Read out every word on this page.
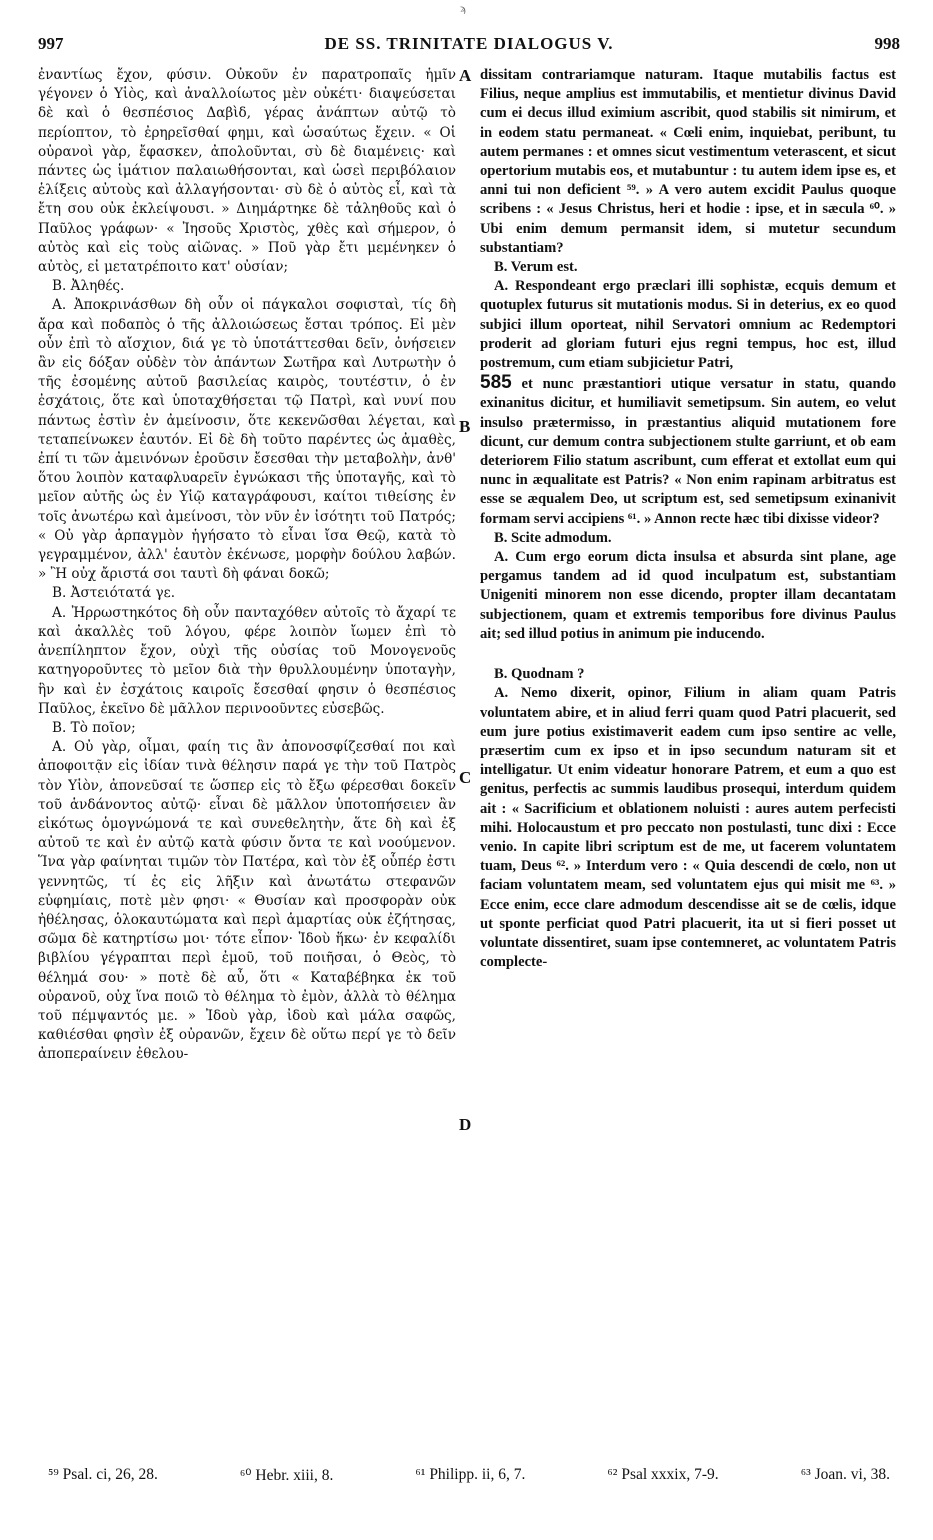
ϡ
997	DE SS. TRINITATE DIALOGUS V.	998

ἐναντίως ἔχον, φύσιν. Οὐκοῦν ἐν παρατροπαῖς ἡμῖν γέγονεν ὁ Υἱὸς, καὶ ἀναλλοίωτος μὲν οὐκέτι· διαψεύσεται δὲ καὶ ὁ θεσπέσιος Δαβὶδ, γέρας ἀνάπτων αὐτῷ τὸ περίοπτον, τὸ ἐρηρεῖσθαί φημι, καὶ ὡσαύτως ἔχειν. « Οἱ οὐρανοὶ γὰρ, ἔφασκεν, ἀπολοῦνται, σὺ δὲ διαμένεις· καὶ πάντες ὡς ἱμάτιον παλαιωθήσονται, καὶ ὡσεὶ περιβόλαιον ἑλίξεις αὐτοὺς καὶ ἀλλαγήσονται· σὺ δὲ ὁ αὐτὸς εἶ, καὶ τὰ ἔτη σου οὐκ ἐκλείψουσι. » Διημάρτηκε δὲ τἀληθοῦς καὶ ὁ Παῦλος γράφων· « Ἰησοῦς Χριστὸς, χθὲς καὶ σήμερον, ὁ αὐτὸς καὶ εἰς τοὺς αἰῶνας. » Ποῦ γὰρ ἔτι μεμένηκεν ὁ αὐτὸς, εἰ μετατρέποιτο κατ' οὐσίαν;

Β. Ἀληθές.

Α. Ἀποκρινάσθων δὴ οὖν οἱ πάγκαλοι σοφισταὶ, τίς δὴ ἄρα καὶ ποδαπὸς ὁ τῆς ἀλλοιώσεως ἔσται τρόπος. Εἰ μὲν οὖν ἐπὶ τὸ αἴσχιον, διά γε τὸ ὑποτάττεσθαι δεῖν, ὀνήσειεν ἂν εἰς δόξαν οὐδὲν τὸν ἁπάντων Σωτῆρα καὶ Λυτρωτὴν ὁ τῆς ἐσομένης αὐτοῦ βασιλείας καιρὸς, τουτέστιν, ὁ ἐν ἐσχάτοις, ὅτε καὶ ὑποταχθήσεται τῷ Πατρὶ, καὶ νυνί που πάντως ἐστὶν ἐν ἀμείνοσιν, ὅτε κεκενῶσθαι λέγεται, καὶ τεταπείνωκεν ἑαυτόν. Εἰ δὲ δὴ τοῦτο παρέντες ὡς ἀμαθὲς, ἐπί τι τῶν ἀμεινόνων ἐροῦσιν ἔσεσθαι τὴν μεταβολὴν, ἀνθ' ὅτου λοιπὸν καταφλυαρεῖν ἐγνώκασι τῆς ὑποταγῆς, καὶ τὸ μεῖον αὐτῆς ὡς ἐν Υἱῷ καταγράφουσι, καίτοι τιθείσης ἐν τοῖς ἀνωτέρω καὶ ἀμείνοσι, τὸν νῦν ἐν ἰσότητι τοῦ Πατρός; « Οὐ γὰρ ἁρπαγμὸν ἡγήσατο τὸ εἶναι ἴσα Θεῷ, κατὰ τὸ γεγραμμένον, ἀλλ' ἑαυτὸν ἐκένωσε, μορφὴν δούλου λαβών. » Ἢ οὐχ ἄριστά σοι ταυτὶ δὴ φάναι δοκῶ;

Β. Ἀστειότατά γε.

Α. Ἠρρωστηκότος δὴ οὖν πανταχόθεν αὐτοῖς τὸ ἄχαρί τε καὶ ἀκαλλὲς τοῦ λόγου, φέρε λοιπὸν ἴωμεν ἐπὶ τὸ ἀνεπίληπτον ἔχον, οὐχὶ τῆς οὐσίας τοῦ Μονογενοῦς κατηγοροῦντες τὸ μεῖον διὰ τὴν θρυλλουμένην ὑποταγὴν, ἣν καὶ ἐν ἐσχάτοις καιροῖς ἔσεσθαί φησιν ὁ θεσπέσιος Παῦλος, ἐκεῖνο δὲ μᾶλλον περινοοῦντες εὐσεβῶς.

Β. Τὸ ποῖον;

Α. Οὐ γὰρ, οἶμαι, φαίη τις ἂν ἀπονοσφίζεσθαί ποι καὶ ἀποφοιτᾷν εἰς ἰδίαν τινὰ θέλησιν παρά γε τὴν τοῦ Πατρὸς τὸν Υἱὸν, ἀπονεῦσαί τε ὥσπερ εἰς τὸ ἔξω φέρεσθαι δοκεῖν τοῦ ἁνδάνοντος αὐτῷ· εἶναι δὲ μᾶλλον ὑποτοπήσειεν ἂν εἰκότως ὁμογνώμονά τε καὶ συνεθελητὴν, ἅτε δὴ καὶ ἐξ αὐτοῦ τε καὶ ἐν αὐτῷ κατὰ φύσιν ὄντα τε καὶ νοούμενον. Ἵνα γὰρ φαίνηται τιμῶν τὸν Πατέρα, καὶ τὸν ἐξ οὗπέρ ἐστι γεννητῶς, τί ἐς εἰς λῆξιν καὶ ἀνωτάτω στεφανῶν εὐφημίαις, ποτὲ μὲν φησι· « Θυσίαν καὶ προσφορὰν οὐκ ἠθέλησας, ὁλοκαυτώματα καὶ περὶ ἁμαρτίας οὐκ ἐζήτησας, σῶμα δὲ κατηρτίσω μοι· τότε εἶπον· Ἰδοὺ ἥκω· ἐν κεφαλίδι βιβλίου γέγραπται περὶ ἐμοῦ, τοῦ ποιῆσαι, ὁ Θεὸς, τὸ θέλημά σου· » ποτὲ δὲ αὖ, ὅτι « Καταβέβηκα ἐκ τοῦ οὐρανοῦ, οὐχ ἵνα ποιῶ τὸ θέλημα τὸ ἐμὸν, ἀλλὰ τὸ θέλημα τοῦ πέμψαντός με. » Ἰδοὺ γὰρ, ἰδοὺ καὶ μάλα σαφῶς, καθιέσθαι φησὶν ἐξ οὐρανῶν, ἔχειν δὲ οὕτω περί γε τὸ δεῖν ἀποπεραίνειν ἐθελου-

A
B
C
D

dissitam contrariamque naturam. Itaque mutabilis factus est Filius, neque amplius est immutabilis, et mentietur divinus David cum ei decus illud eximium ascribit, quod stabilis sit nimirum, et in eodem statu permaneat. « Cœli enim, inquiebat, peribunt, tu autem permanes : et omnes sicut vestimentum veterascent, et sicut opertorium mutabis eos, et mutabuntur : tu autem idem ipse es, et anni tui non deficient ⁵⁹. » A vero autem excidit Paulus quoque scribens : « Jesus Christus, heri et hodie : ipse, et in sæcula ⁶⁰. » Ubi enim demum permansit idem, si mutetur secundum substantiam?

B. Verum est.

A. Respondeant ergo præclari illi sophistæ, ecquis demum et quotuplex futurus sit mutationis modus. Si in deterius, ex eo quod subjici illum oporteat, nihil Servatori omnium ac Redemptori proderit ad gloriam futuri ejus regni tempus, hoc est, illud postremum, cum etiam subjicietur Patri,

585 et nunc præstantiori utique versatur in statu, quando exinanitus dicitur, et humiliavit semetipsum. Sin autem, eo velut insulso prætermisso, in præstantius aliquid mutationem fore dicunt, cur demum contra subjectionem stulte garriunt, et ob eam deteriorem Filio statum ascribunt, cum efferat et extollat eum qui nunc in æqualitate est Patris? « Non enim rapinam arbitratus est esse se æqualem Deo, ut scriptum est, sed semetipsum exinanivit formam servi accipiens ⁶¹. » Annon recte hæc tibi dixisse videor?

B. Scite admodum.

A. Cum ergo eorum dicta insulsa et absurda sint plane, age pergamus tandem ad id quod inculpatum est, substantiam Unigeniti minorem non esse dicendo, propter illam decantatam subjectionem, quam et extremis temporibus fore divinus Paulus ait; sed illud potius in animum pie inducendo.

B. Quodnam ?

A. Nemo dixerit, opinor, Filium in aliam quam Patris voluntatem abire, et in aliud ferri quam quod Patri placuerit, sed eum jure potius existimaverit eadem cum ipso sentire ac velle, præsertim cum ex ipso et in ipso secundum naturam sit et intelligatur. Ut enim videatur honorare Patrem, et eum a quo est genitus, perfectis ac summis laudibus prosequi, interdum quidem ait : « Sacrificium et oblationem noluisti : aures autem perfecisti mihi. Holocaustum et pro peccato non postulasti, tunc dixi : Ecce venio. In capite libri scriptum est de me, ut facerem voluntatem tuam, Deus ⁶². » Interdum vero : « Quia descendi de cœlo, non ut faciam voluntatem meam, sed voluntatem ejus qui misit me ⁶³. » Ecce enim, ecce clare admodum descendisse ait se de cœlis, idque ut sponte perficiat quod Patri placuerit, ita ut si fieri posset ut voluntate dissentiret, suam ipse contemneret, ac voluntatem Patris complecte-

⁵⁹ Psal. ci, 26, 28.	⁶⁰ Hebr. xiii, 8.	⁶¹ Philipp. ii, 6, 7.	⁶² Psal xxxix, 7-9.	⁶³ Joan. vi, 38.
